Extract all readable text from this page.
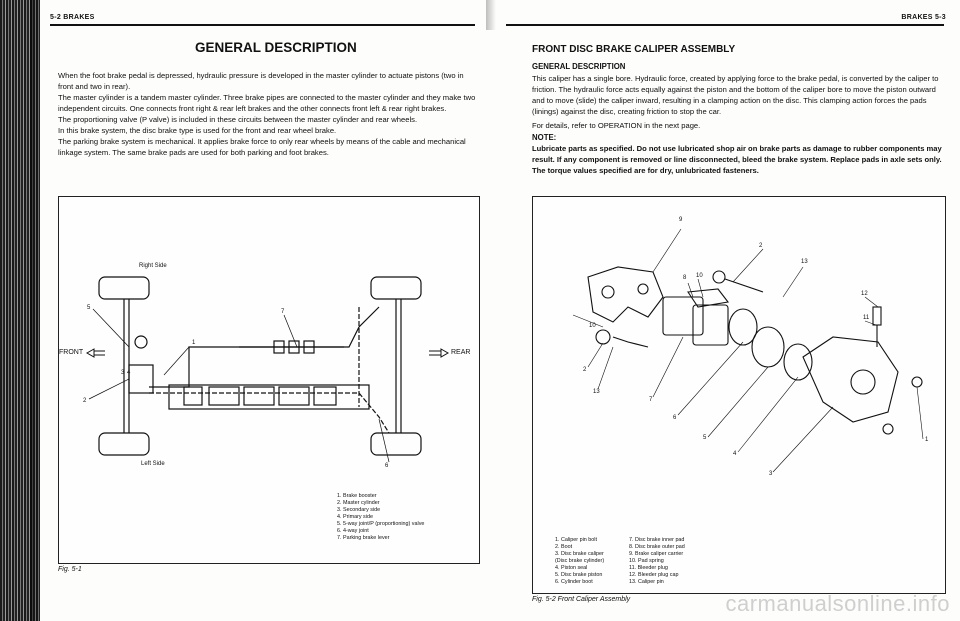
5-2 BRAKES
GENERAL DESCRIPTION

When the foot brake pedal is depressed, hydraulic pressure is developed in the master cylinder to actuate pistons (two in front and two in rear).

The master cylinder is a tandem master cylinder. Three brake pipes are connected to the master cylinder and they make two independent circuits. One connects front right & rear left brakes and the other connects front left & rear right brakes.

The proportioning valve (P valve) is included in these circuits between the master cylinder and rear wheels.

In this brake system, the disc brake type is used for the front and rear wheel brake.

The parking brake system is mechanical. It applies brake force to only rear wheels by means of the cable and mechanical linkage system. The same brake pads are used for both parking and foot brakes.

Right Side
Left Side
FRONT	REAR
5
1
7
3 4
2
6
1. Brake booster
2. Master cylinder
3. Secondary side
4. Primary side
5. 5-way joint/P (proportioning) valve
6. 4-way joint
7. Parking brake lever
Fig. 5-1
BRAKES 5-3
FRONT DISC BRAKE CALIPER ASSEMBLY
GENERAL DESCRIPTION

This caliper has a single bore. Hydraulic force, created by applying force to the brake pedal, is converted by the caliper to friction. The hydraulic force acts equally against the piston and the bottom of the caliper bore to move the piston outward and to move (slide) the caliper inward, resulting in a clamping action on the disc. This clamping action forces the pads (linings) against the disc, creating friction to stop the car.

For details, refer to OPERATION in the next page.

NOTE:
Lubricate parts as specified. Do not use lubricated shop air on brake parts as damage to rubber components may result. If any component is removed or line disconnected, bleed the brake system. Replace pads in axle sets only. The torque values specified are for dry, unlubricated fasteners.
9
2
13
8 10
12
11
10
2
13
7
6
5
4
3
1
1. Caliper pin bolt
2. Boot
3. Disc brake caliper
(Disc brake cylinder)
4. Piston seal
5. Disc brake piston
6. Cylinder boot
7. Disc brake inner pad
8. Disc brake outer pad
9. Brake caliper carrier
10. Pad spring
11. Bleeder plug
12. Bleeder plug cap
13. Caliper pin
Fig. 5-2 Front Caliper Assembly	carmanualsonline.info
